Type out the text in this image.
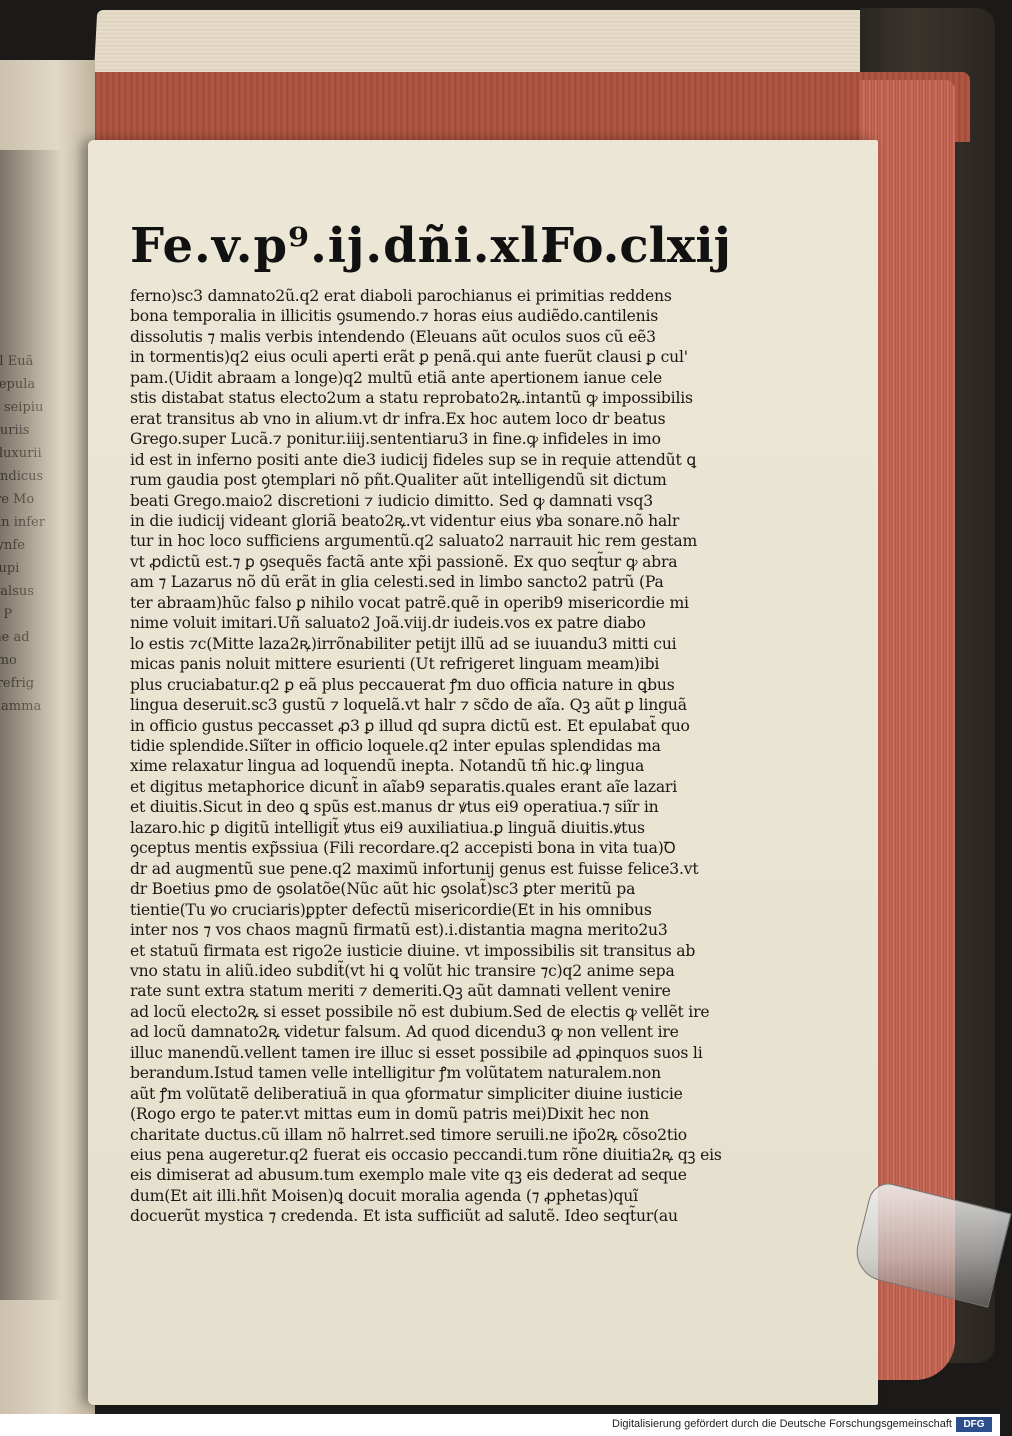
Fe.v.p⁹.ij.dñi.xl.
Fo.clxij
ferno)sc3 damnato2ũ.q2 erat diaboli parochianus ei primitias reddens
bona temporalia in illicitis ꝯsumendo.⁊ horas eius audiẽdo.cantilenis
dissolutis ⁊ malis verbis intendendo (Eleuans aũt oculos suos cũ eẽ3
in tormentis)q2 eius oculi aperti erãt ꝑ penã.qui ante fuerũt clausi ꝑ cul'
pam.(Uidit abraam a longe)q2 multũ etiã ante apertionem ianue cele
stis distabat status electo2um a statu reprobato2ꝶ.intantũ ꝙ impossibilis
erat transitus ab vno in alium.vt dr infra.Ex hoc autem loco dr beatus
Grego.super Lucã.⁊ ponitur.iiij.sententiaru3 in fine.ꝙ infideles in imo
id est in inferno positi ante die3 iudicij fideles sup se in requie attendũt ꝗ
rum gaudia post ꝯtemplari nõ pñt.Qualiter aũt intelligendũ sit dictum
beati Grego.maio2 discretioni ⁊ iudicio dimitto. Sed ꝙ damnati vsq3
in die iudicij videant gloriã beato2ꝶ.vt videntur eius ꝟba sonare.nõ halr
tur in hoc loco sufficiens argumentũ.q2 saluato2 narrauit hic rem gestam
vt ꝓdictũ est.⁊ ꝑ ꝯsequẽs factã ante xp̃i passionẽ. Ex quo seqt̃ur ꝙ abra
am ⁊ Lazarus nõ dũ erãt in glia celesti.sed in limbo sancto2 patrũ (Pa
ter abraam)hũc falso ꝑ nihilo vocat patrẽ.quẽ in operib9 misericordie mi
nime voluit imitari.Uñ saluato2 Joã.viij.dr iudeis.vos ex patre diabo
lo estis ⁊c(Mitte laza2ꝶ)irrõnabiliter petijt illũ ad se iuuandu3 mitti cui
micas panis noluit mittere esurienti (Ut refrigeret linguam meam)ibi
plus cruciabatur.q2 ꝑ eã plus peccauerat ꝭm duo officia nature in ꝗbus
lingua deseruit.sc3 gustũ ⁊ loquelã.vt halr ⁊ sc̃do de aĩa. Qꝫ aũt ꝑ linguã
in officio gustus peccasset ꝓ3 ꝑ illud qd supra dictũ est. Et epulabat̃ quo
tidie splendide.Siĩter in officio loquele.q2 inter epulas splendidas ma
xime relaxatur lingua ad loquendũ inepta. Notandũ tñ hic.ꝙ lingua
et digitus metaphorice dicunt̃ in aĩab9 separatis.quales erant aĩe lazari
et diuitis.Sicut in deo ꝗ spũs est.manus dr ꝟtus ei9 operatiua.⁊ siĩr in
lazaro.hic ꝑ digitũ intelligit̃ ꝟtus ei9 auxiliatiua.ꝑ linguã diuitis.ꝟtus
ꝯceptus mentis exp̃ssiua (Fili recordare.q2 accepisti bona in vita tua)Ꝺ
dr ad augmentũ sue pene.q2 maximũ infortunij genus est fuisse felice3.vt
dr Boetius ꝑmo de ꝯsolatõe(Nũc aũt hic ꝯsolat̃)sc3 ꝑter meritũ pa
tientie(Tu ꝟo cruciaris)ꝑpter defectũ misericordie(Et in his omnibus
inter nos ⁊ vos chaos magnũ firmatũ est).i.distantia magna merito2u3
et statuũ firmata est rigo2e iusticie diuine. vt impossibilis sit transitus ab
vno statu in aliũ.ideo subdit̃(vt hi ꝗ volũt hic transire ⁊c)q2 anime sepa
rate sunt extra statum meriti ⁊ demeriti.Qꝫ aũt damnati vellent venire
ad locũ electo2ꝶ si esset possibile nõ est dubium.Sed de electis ꝙ vellẽt ire
ad locũ damnato2ꝶ videtur falsum. Ad quod dicendu3 ꝙ non vellent ire
illuc manendũ.vellent tamen ire illuc si esset possibile ad ꝓpinquos suos li
berandum.Istud tamen velle intelligitur ꝭm volũtatem naturalem.non
aũt ꝭm volũtatẽ deliberatiuã in qua ꝯformatur simpliciter diuine iusticie
(Rogo ergo te pater.vt mittas eum in domũ patris mei)Dixit hec non
charitate ductus.cũ illam nõ halrret.sed timore seruili.ne ip̃o2ꝶ cõso2tio
eius pena augeretur.q2 fuerat eis occasio peccandi.tum rõne diuitia2ꝶ qꝫ eis
eis dimiserat ad abusum.tum exemplo male vite qꝫ eis dederat ad seque
dum(Et ait illi.hñt Moisen)ꝗ docuit moralia agenda (⁊ ꝓphetas)quĩ
docuerũt mystica ⁊ credenda. Et ista sufficiũt ad salutẽ. Ideo seqt̃ur(au
Digitalisierung gefördert durch die Deutsche Forschungsgemeinschaft	DFG
